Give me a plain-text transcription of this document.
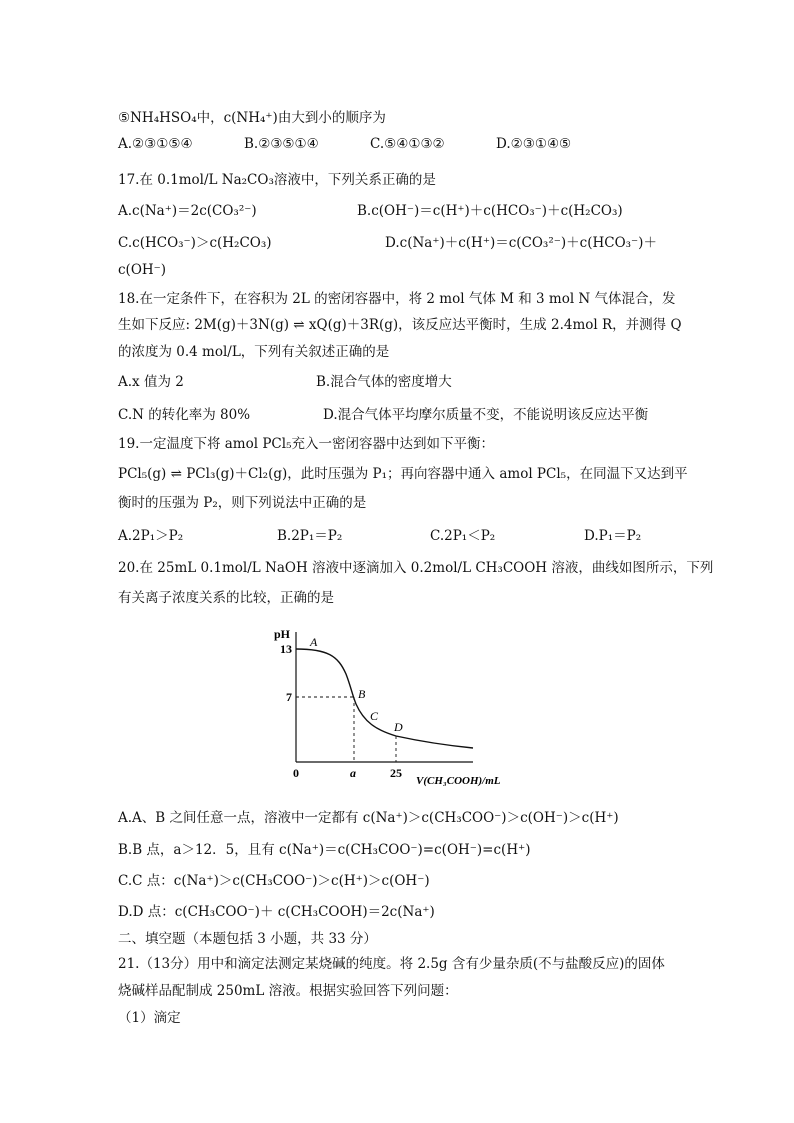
⑤NH₄HSO₄中，c(NH₄⁺)由大到小的顺序为
A.②③①⑤④	B.②③⑤①④	C.⑤④①③②	D.②③①④⑤
17.在 0.1mol/L Na₂CO₃溶液中，下列关系正确的是
A.c(Na⁺)＝2c(CO₃²⁻)	B.c(OH⁻)＝c(H⁺)＋c(HCO₃⁻)＋c(H₂CO₃)
C.c(HCO₃⁻)＞c(H₂CO₃)	D.c(Na⁺)＋c(H⁺)＝c(CO₃²⁻)＋c(HCO₃⁻)＋
c(OH⁻)
18.在一定条件下，在容积为 2L 的密闭容器中，将 2 mol 气体 M 和 3 mol N 气体混合，发
生如下反应: 2M(g)＋3N(g) ⇌ xQ(g)＋3R(g)，该反应达平衡时，生成 2.4mol R，并测得 Q
的浓度为 0.4 mol/L，下列有关叙述正确的是
A.x 值为 2	B.混合气体的密度增大
C.N 的转化率为 80%	D.混合气体平均摩尔质量不变，不能说明该反应达平衡
19.一定温度下将 amol PCl₅充入一密闭容器中达到如下平衡：
PCl₅(g) ⇌ PCl₃(g)＋Cl₂(g)，此时压强为 P₁；再向容器中通入 amol PCl₅，在同温下又达到平
衡时的压强为 P₂，则下列说法中正确的是
A.2P₁＞P₂	B.2P₁＝P₂	C.2P₁＜P₂	D.P₁＝P₂
20.在 25mL 0.1mol/L NaOH 溶液中逐滴加入 0.2mol/L CH₃COOH 溶液，曲线如图所示，下列
有关离子浓度关系的比较，正确的是
pH
13
7
0	a	25
V(CH₃COOH)/mL
A
B
C
D
A.A、B 之间任意一点，溶液中一定都有 c(Na⁺)＞c(CH₃COO⁻)＞c(OH⁻)＞c(H⁺)
B.B 点，a＞12．5，且有 c(Na⁺)＝c(CH₃COO⁻)=c(OH⁻)=c(H⁺)
C.C 点：c(Na⁺)＞c(CH₃COO⁻)＞c(H⁺)＞c(OH⁻)
D.D 点：c(CH₃COO⁻)＋ c(CH₃COOH)＝2c(Na⁺)
二、填空题（本题包括 3 小题，共 33 分）
21.（13分）用中和滴定法测定某烧碱的纯度。将 2.5g 含有少量杂质(不与盐酸反应)的固体
烧碱样品配制成 250mL 溶液。根据实验回答下列问题：
（1）滴定
